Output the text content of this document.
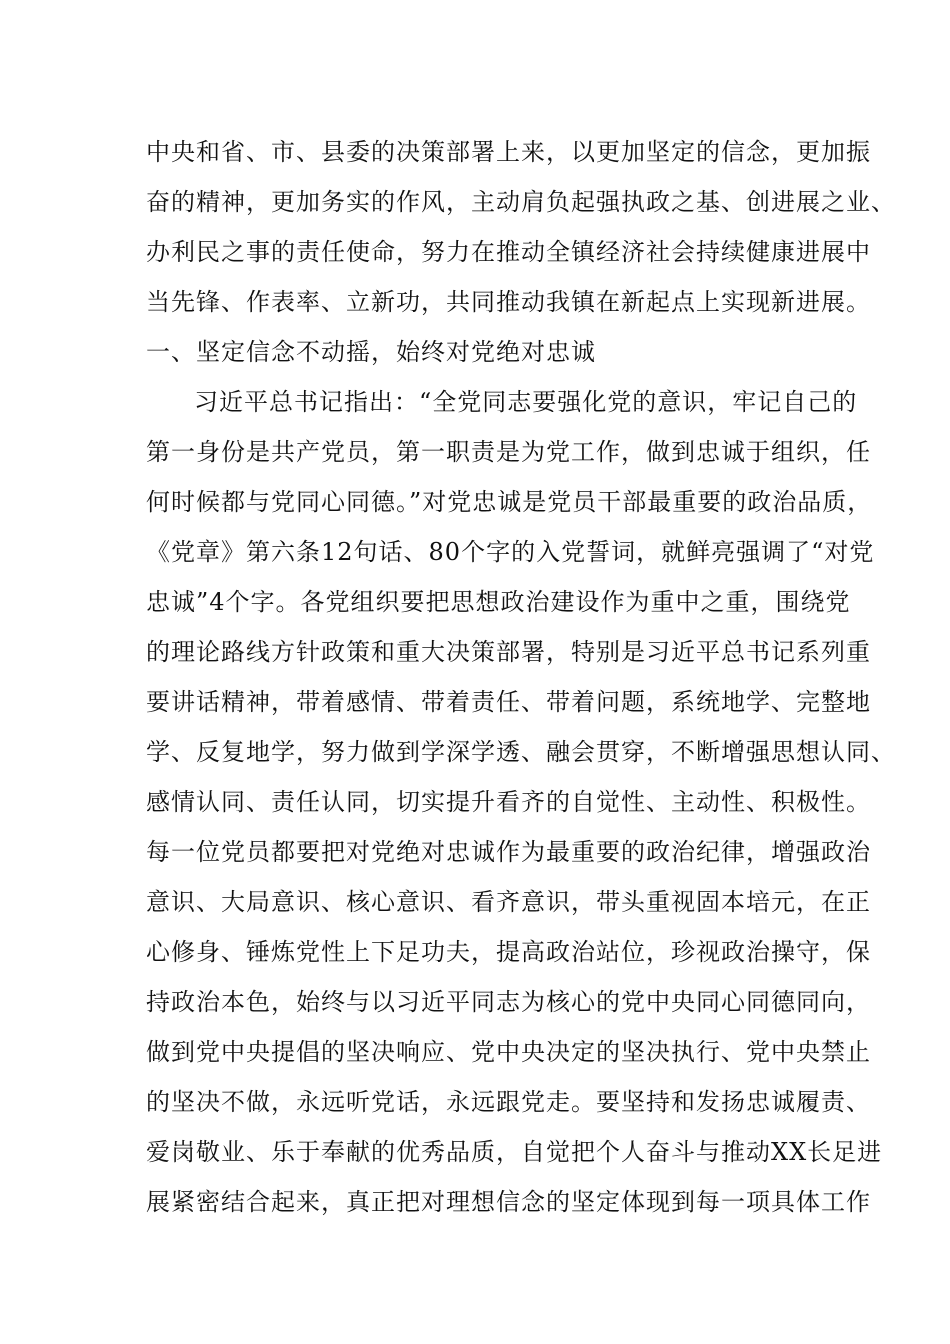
中央和省、市、县委的决策部署上来，以更加坚定的信念，更加振

奋的精神，更加务实的作风，主动肩负起强执政之基、创进展之业、

办利民之事的责任使命，努力在推动全镇经济社会持续健康进展中

当先锋、作表率、立新功，共同推动我镇在新起点上实现新进展。

一、坚定信念不动摇，始终对党绝对忠诚

习近平总书记指出：“全党同志要强化党的意识，牢记自己的

第一身份是共产党员，第一职责是为党工作，做到忠诚于组织，任

何时候都与党同心同德。”对党忠诚是党员干部最重要的政治品质，

《党章》第六条12句话、80个字的入党誓词，就鲜亮强调了“对党

忠诚”4个字。各党组织要把思想政治建设作为重中之重，围绕党

的理论路线方针政策和重大决策部署，特别是习近平总书记系列重

要讲话精神，带着感情、带着责任、带着问题，系统地学、完整地

学、反复地学，努力做到学深学透、融会贯穿，不断增强思想认同、

感情认同、责任认同，切实提升看齐的自觉性、主动性、积极性。

每一位党员都要把对党绝对忠诚作为最重要的政治纪律，增强政治

意识、大局意识、核心意识、看齐意识，带头重视固本培元，在正

心修身、锤炼党性上下足功夫，提高政治站位，珍视政治操守，保

持政治本色，始终与以习近平同志为核心的党中央同心同德同向，

做到党中央提倡的坚决响应、党中央决定的坚决执行、党中央禁止

的坚决不做，永远听党话，永远跟党走。要坚持和发扬忠诚履责、

爱岗敬业、乐于奉献的优秀品质，自觉把个人奋斗与推动XX长足进

展紧密结合起来，真正把对理想信念的坚定体现到每一项具体工作
